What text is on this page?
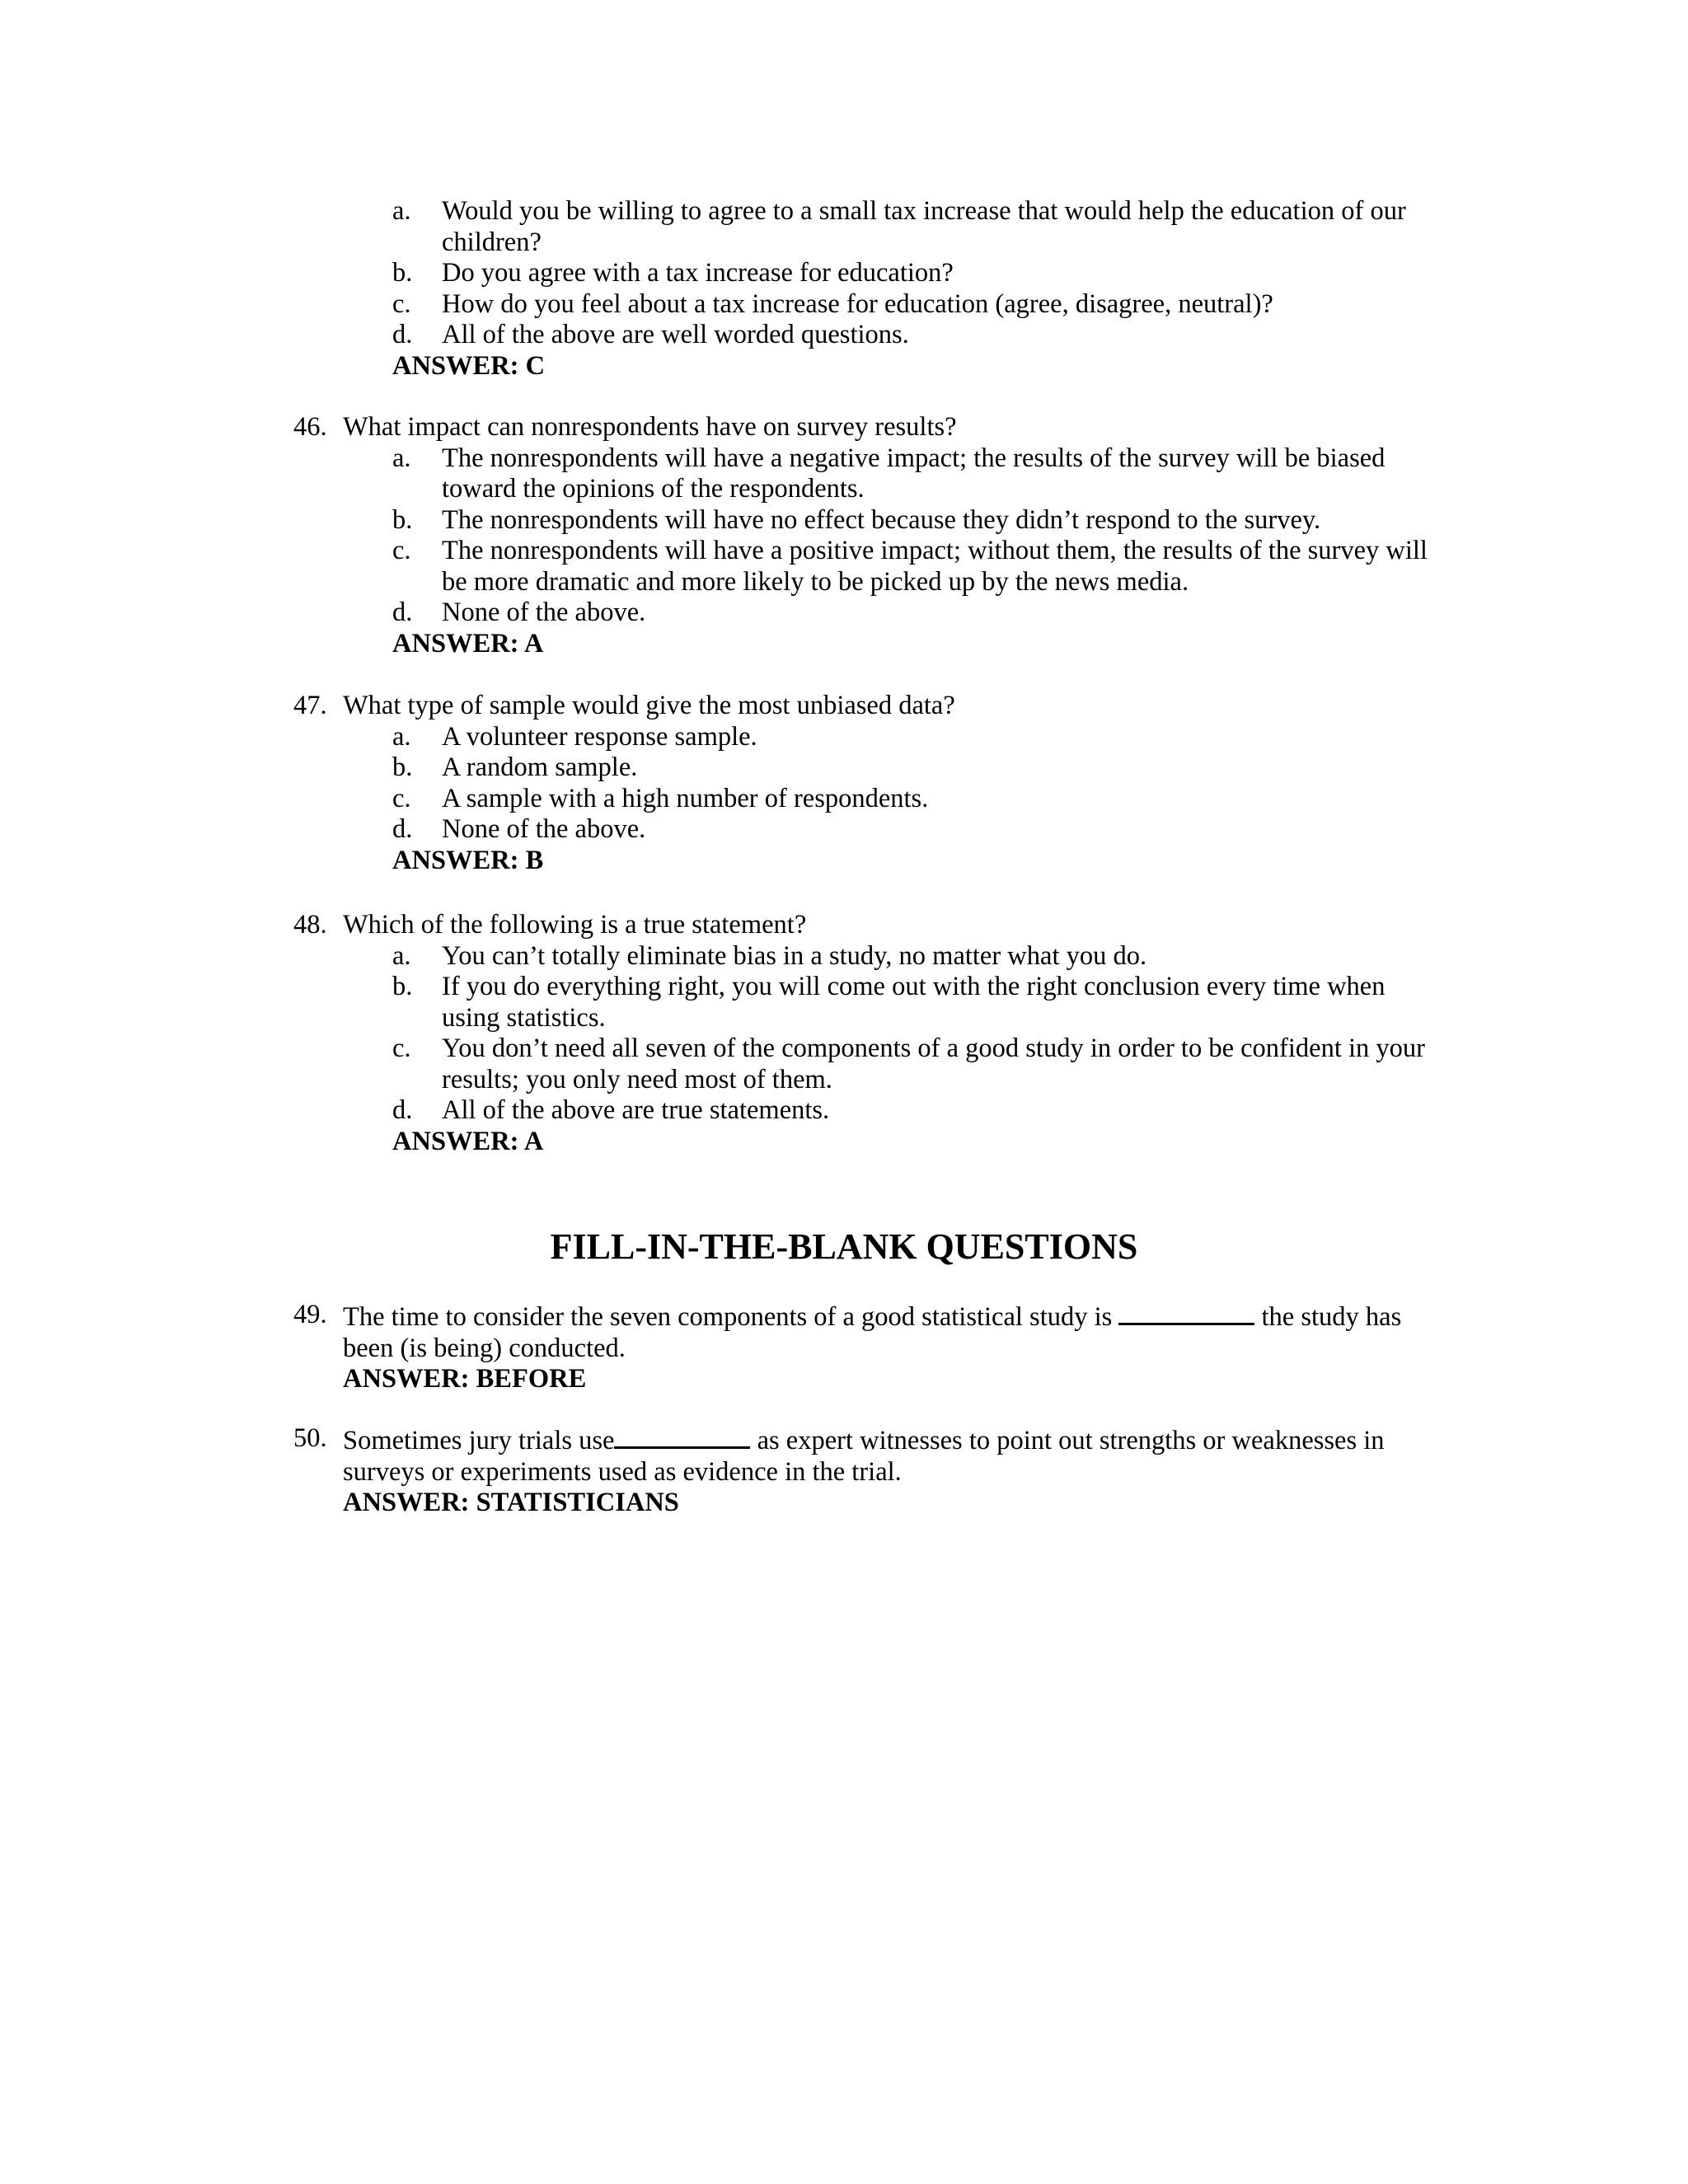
a.	Would you be willing to agree to a small tax increase that would help the education of our children?
b.	Do you agree with a tax increase for education?
c.	How do you feel about a tax increase for education (agree, disagree, neutral)?
d.	All of the above are well worded questions.
ANSWER: C
46. What impact can nonrespondents have on survey results?
a.	The nonrespondents will have a negative impact; the results of the survey will be biased toward the opinions of the respondents.
b.	The nonrespondents will have no effect because they didn’t respond to the survey.
c.	The nonrespondents will have a positive impact; without them, the results of the survey will be more dramatic and more likely to be picked up by the news media.
d.	None of the above.
ANSWER: A
47. What type of sample would give the most unbiased data?
a.	A volunteer response sample.
b.	A random sample.
c.	A sample with a high number of respondents.
d.	None of the above.
ANSWER: B
48. Which of the following is a true statement?
a.	You can’t totally eliminate bias in a study, no matter what you do.
b.	If you do everything right, you will come out with the right conclusion every time when using statistics.
c.	You don’t need all seven of the components of a good study in order to be confident in your results; you only need most of them.
d.	All of the above are true statements.
ANSWER: A
FILL-IN-THE-BLANK QUESTIONS
49. The time to consider the seven components of a good statistical study is	the study has been (is being) conducted.
ANSWER: BEFORE
50. Sometimes jury trials use	as expert witnesses to point out strengths or weaknesses in surveys or experiments used as evidence in the trial.
ANSWER: STATISTICIANS
